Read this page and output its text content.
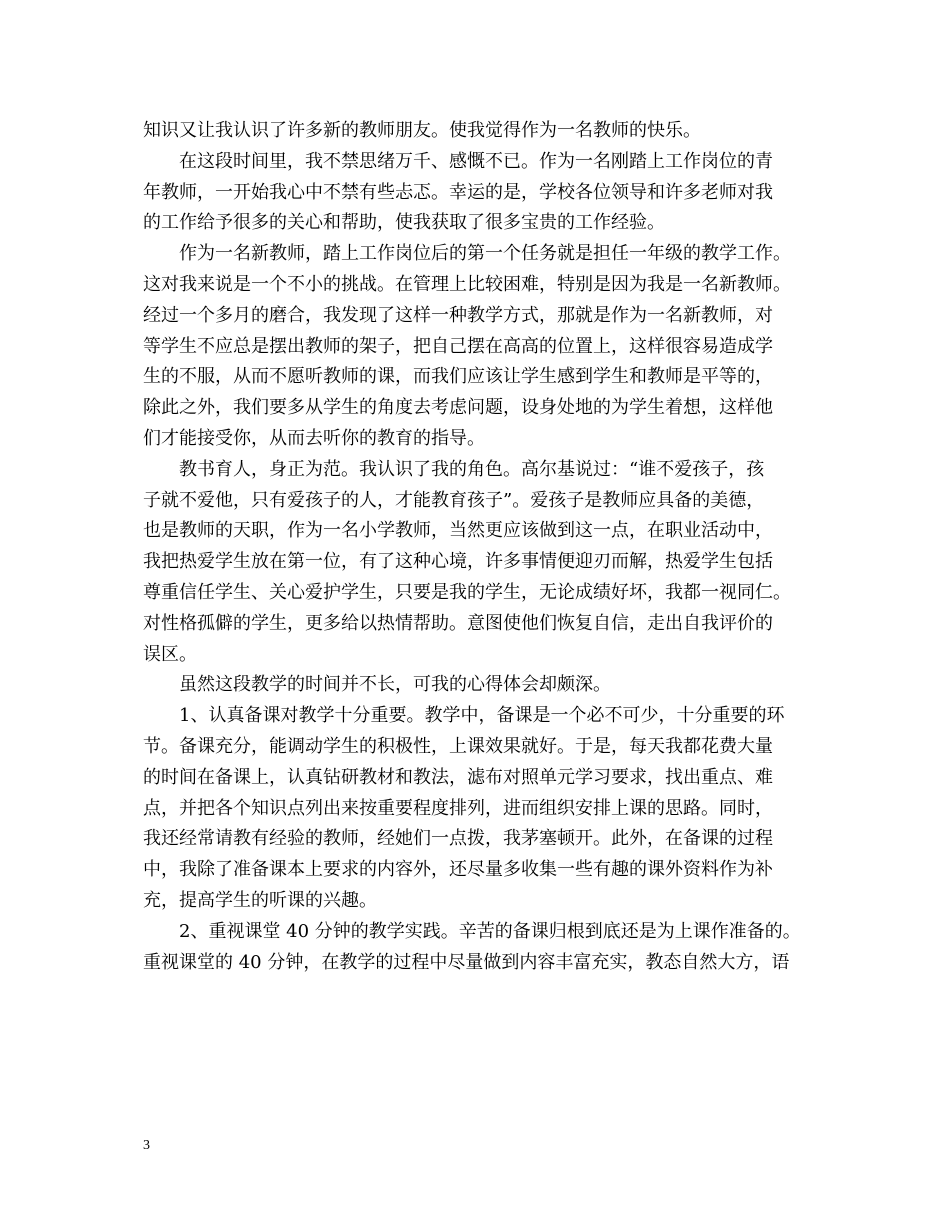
知识又让我认识了许多新的教师朋友。使我觉得作为一名教师的快乐。
在这段时间里，我不禁思绪万千、感慨不已。作为一名刚踏上工作岗位的青
年教师，一开始我心中不禁有些忐忑。幸运的是，学校各位领导和许多老师对我
的工作给予很多的关心和帮助，使我获取了很多宝贵的工作经验。
作为一名新教师，踏上工作岗位后的第一个任务就是担任一年级的教学工作。
这对我来说是一个不小的挑战。在管理上比较困难，特别是因为我是一名新教师。
经过一个多月的磨合，我发现了这样一种教学方式，那就是作为一名新教师，对
等学生不应总是摆出教师的架子，把自己摆在高高的位置上，这样很容易造成学
生的不服，从而不愿听教师的课，而我们应该让学生感到学生和教师是平等的，
除此之外，我们要多从学生的角度去考虑问题，设身处地的为学生着想，这样他
们才能接受你，从而去听你的教育的指导。
教书育人，身正为范。我认识了我的角色。高尔基说过：“谁不爱孩子，孩
子就不爱他，只有爱孩子的人，才能教育孩子”。爱孩子是教师应具备的美德，
也是教师的天职，作为一名小学教师，当然更应该做到这一点，在职业活动中，
我把热爱学生放在第一位，有了这种心境，许多事情便迎刃而解，热爱学生包括
尊重信任学生、关心爱护学生，只要是我的学生，无论成绩好坏，我都一视同仁。
对性格孤僻的学生，更多给以热情帮助。意图使他们恢复自信，走出自我评价的
误区。
虽然这段教学的时间并不长，可我的心得体会却颇深。
1、认真备课对教学十分重要。教学中，备课是一个必不可少，十分重要的环
节。备课充分，能调动学生的积极性，上课效果就好。于是，每天我都花费大量
的时间在备课上，认真钻研教材和教法，滤布对照单元学习要求，找出重点、难
点，并把各个知识点列出来按重要程度排列，进而组织安排上课的思路。同时，
我还经常请教有经验的教师，经她们一点拨，我茅塞顿开。此外，在备课的过程
中，我除了准备课本上要求的内容外，还尽量多收集一些有趣的课外资料作为补
充，提高学生的听课的兴趣。
2、重视课堂 40 分钟的教学实践。辛苦的备课归根到底还是为上课作准备的。
重视课堂的 40 分钟，在教学的过程中尽量做到内容丰富充实，教态自然大方，语
3
